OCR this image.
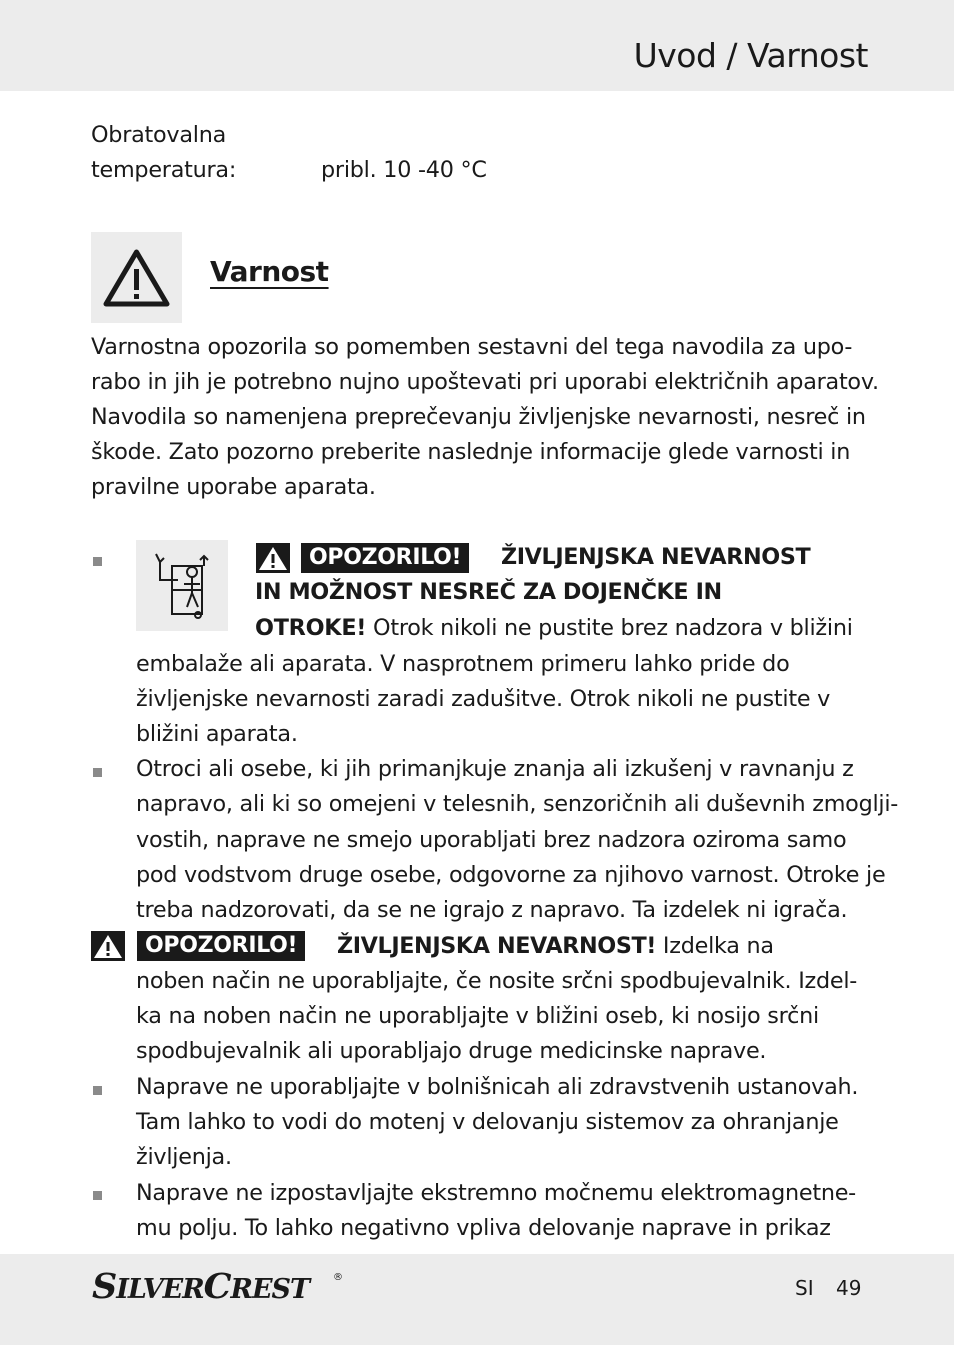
Uvod / Varnost
Obratovalna
temperatura:	pribl. 10 -40 °C
Varnost
Varnostna opozorila so pomemben sestavni del tega navodila za upo-
rabo in jih je potrebno nujno upoštevati pri uporabi električnih aparatov.
Navodila so namenjena preprečevanju življenjske nevarnosti, nesreč in
škode. Zato pozorno preberite naslednje informacije glede varnosti in
pravilne uporabe aparata.
OPOZORILO!	ŽIVLJENJSKA NEVARNOST
IN MOŽNOST NESREČ ZA DOJENČKE IN
OTROKE! Otrok nikoli ne pustite brez nadzora v bližini
embalaže ali aparata. V nasprotnem primeru lahko pride do
življenjske nevarnosti zaradi zadušitve. Otrok nikoli ne pustite v
bližini aparata.
Otroci ali osebe, ki jih primanjkuje znanja ali izkušenj v ravnanju z
napravo, ali ki so omejeni v telesnih, senzoričnih ali duševnih zmoglji-
vostih, naprave ne smejo uporabljati brez nadzora oziroma samo
pod vodstvom druge osebe, odgovorne za njihovo varnost. Otroke je
treba nadzorovati, da se ne igrajo z napravo. Ta izdelek ni igrača.
OPOZORILO!	ŽIVLJENJSKA NEVARNOST! Izdelka na
noben način ne uporabljajte, če nosite srčni spodbujevalnik. Izdel-
ka na noben način ne uporabljajte v bližini oseb, ki nosijo srčni
spodbujevalnik ali uporabljajo druge medicinske naprave.
Naprave ne uporabljajte v bolnišnicah ali zdravstvenih ustanovah.
Tam lahko to vodi do motenj v delovanju sistemov za ohranjanje
življenja.
Naprave ne izpostavljajte ekstremno močnemu elektromagnetne-
mu polju. To lahko negativno vpliva delovanje naprave in prikaz
SILVERCREST ®	SI 49
